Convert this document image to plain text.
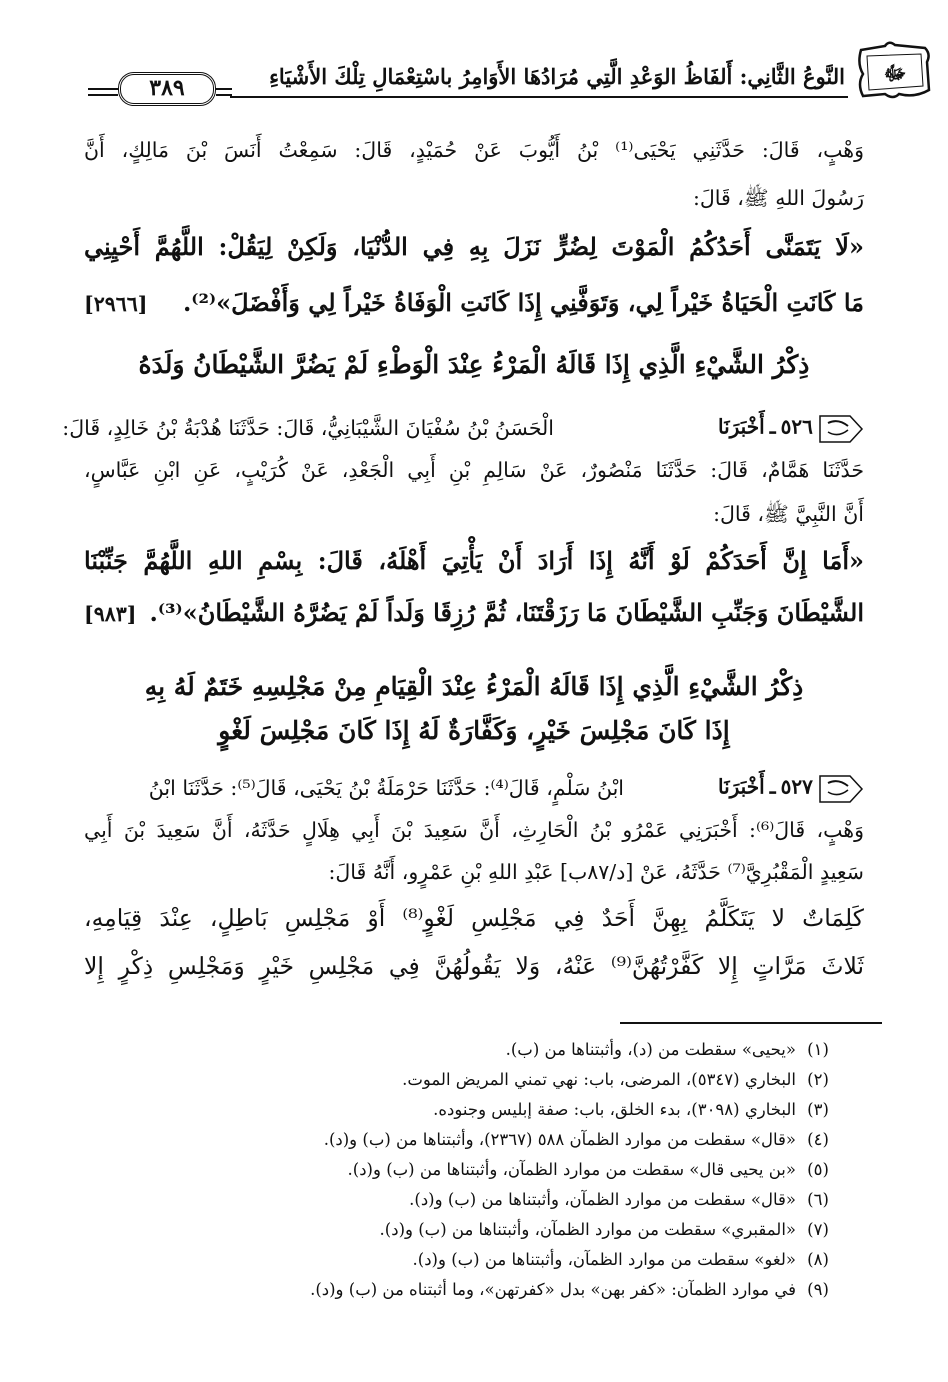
ﷻ
النَّوعُ الثَّانِي: أَلفَاظُ الوَعْدِ الَّتِي مُرَادُهَا الأَوَامِرُ باسْتِعْمَالِ تِلْكَ الأَشْيَاءِ
٣٨٩
وَهْبٍ، قَالَ: حَدَّثَنِي يَحْيَى⁽¹⁾ بْنُ أَيُّوبَ عَنْ حُمَيْدٍ، قَالَ: سَمِعْتُ أَنَسَ بْنَ مَالِكٍ، أَنَّ
رَسُولَ اللهِ ﷺ، قَالَ:
«لَا يَتَمَنَّى أَحَدُكُمُ الْمَوْتَ لِضُرٍّ نَزَلَ بِهِ فِي الدُّنْيَا، وَلَكِنْ لِيَقُلْ: اللَّهُمَّ أَحْيِنِي
مَا كَانَتِ الْحَيَاةُ خَيْراً لِي، وَتَوَفَّنِي إِذَا كَانَتِ الْوَفَاةُ خَيْراً لِي وَأَفْضَلَ»⁽²⁾.
[٢٩٦٦]
ذِكْرُ الشَّيْءِ الَّذِي إِذَا قَالَهُ الْمَرْءُ عِنْدَ الْوَطْءِ لَمْ يَضُرَّ الشَّيْطَانُ وَلَدَهُ
٥٢٦ ـ أَخْبَرَنَا
الْحَسَنُ بْنُ سُفْيَانَ الشَّيْبَانِيُّ، قَالَ: حَدَّثَنَا هُدْبَةُ بْنُ خَالِدٍ، قَالَ:
حَدَّثَنَا هَمَّامٌ، قَالَ: حَدَّثَنَا مَنْصُورٌ، عَنْ سَالِمِ بْنِ أَبِي الْجَعْدِ، عَنْ كُرَيْبٍ، عَنِ ابْنِ عَبَّاسٍ،
أَنَّ النَّبِيَّ ﷺ، قَالَ:
«أَمَا إِنَّ أَحَدَكُمْ لَوْ أَنَّهُ إِذَا أَرَادَ أَنْ يَأْتِيَ أَهْلَهُ، قَالَ: بِسْمِ اللهِ اللَّهُمَّ جَنِّبْنَا
الشَّيْطَانَ وَجَنِّبِ الشَّيْطَانَ مَا رَزَقْتَنَا، ثُمَّ رُزِقَا وَلَداً لَمْ يَضُرَّهُ الشَّيْطَانُ»⁽³⁾.
[٩٨٣]
ذِكْرُ الشَّيْءِ الَّذِي إِذَا قَالَهُ الْمَرْءُ عِنْدَ الْقِيَامِ مِنْ مَجْلِسِهِ خَتَمٌ لَهُ بِهِ
إِذَا كَانَ مَجْلِسَ خَيْرٍ، وَكَفَّارَةٌ لَهُ إِذَا كَانَ مَجْلِسَ لَغْوٍ
٥٢٧ ـ أَخْبَرَنَا
ابْنُ سَلْمٍ، قَالَ⁽⁴⁾: حَدَّثَنَا حَرْمَلَةُ بْنُ يَحْيَى، قَالَ⁽⁵⁾: حَدَّثَنَا ابْنُ
وَهْبٍ، قَالَ⁽⁶⁾: أَخْبَرَنِي عَمْرُو بْنُ الْحَارِثِ، أَنَّ سَعِيدَ بْنَ أَبِي هِلَالٍ حَدَّثَهُ، أَنَّ سَعِيدَ بْنَ أَبِي
سَعِيدٍ الْمَقْبُرِيَّ⁽⁷⁾ حَدَّثَهُ، عَنْ [د/٨٧ب] عَبْدِ اللهِ بْنِ عَمْرٍو، أَنَّهُ قَالَ:
كَلِمَاتٌ لا يَتَكَلَّمُ بِهِنَّ أَحَدٌ فِي مَجْلِسِ لَغْوٍ⁽⁸⁾ أَوْ مَجْلِسِ بَاطِلٍ، عِنْدَ قِيَامِهِ،
ثَلاثَ مَرَّاتٍ إِلا كَفَّرْتُهُنَّ⁽⁹⁾ عَنْهُ، وَلا يَقُولُهُنَّ فِي مَجْلِسِ خَيْرٍ وَمَجْلِسِ ذِكْرٍ إِلا
(١)«يحيى» سقطت من (د)، وأثبتناها من (ب).
(٢)البخاري (٥٣٤٧)، المرضى، باب: نهي تمني المريض الموت.
(٣)البخاري (٣٠٩٨)، بدء الخلق، باب: صفة إبليس وجنوده.
(٤)«قال» سقطت من موارد الظمآن ٥٨٨ (٢٣٦٧)، وأثبتناها من (ب) و(د).
(٥)«بن يحيى قال» سقطت من موارد الظمآن، وأثبتناها من (ب) و(د).
(٦)«قال» سقطت من موارد الظمآن، وأثبتناها من (ب) و(د).
(٧)«المقبري» سقطت من موارد الظمآن، وأثبتناها من (ب) و(د).
(٨)«لغو» سقطت من موارد الظمآن، وأثبتناها من (ب) و(د).
(٩)في موارد الظمآن: «كفر بهن» بدل «كفرتهن»، وما أثبتناه من (ب) و(د).
